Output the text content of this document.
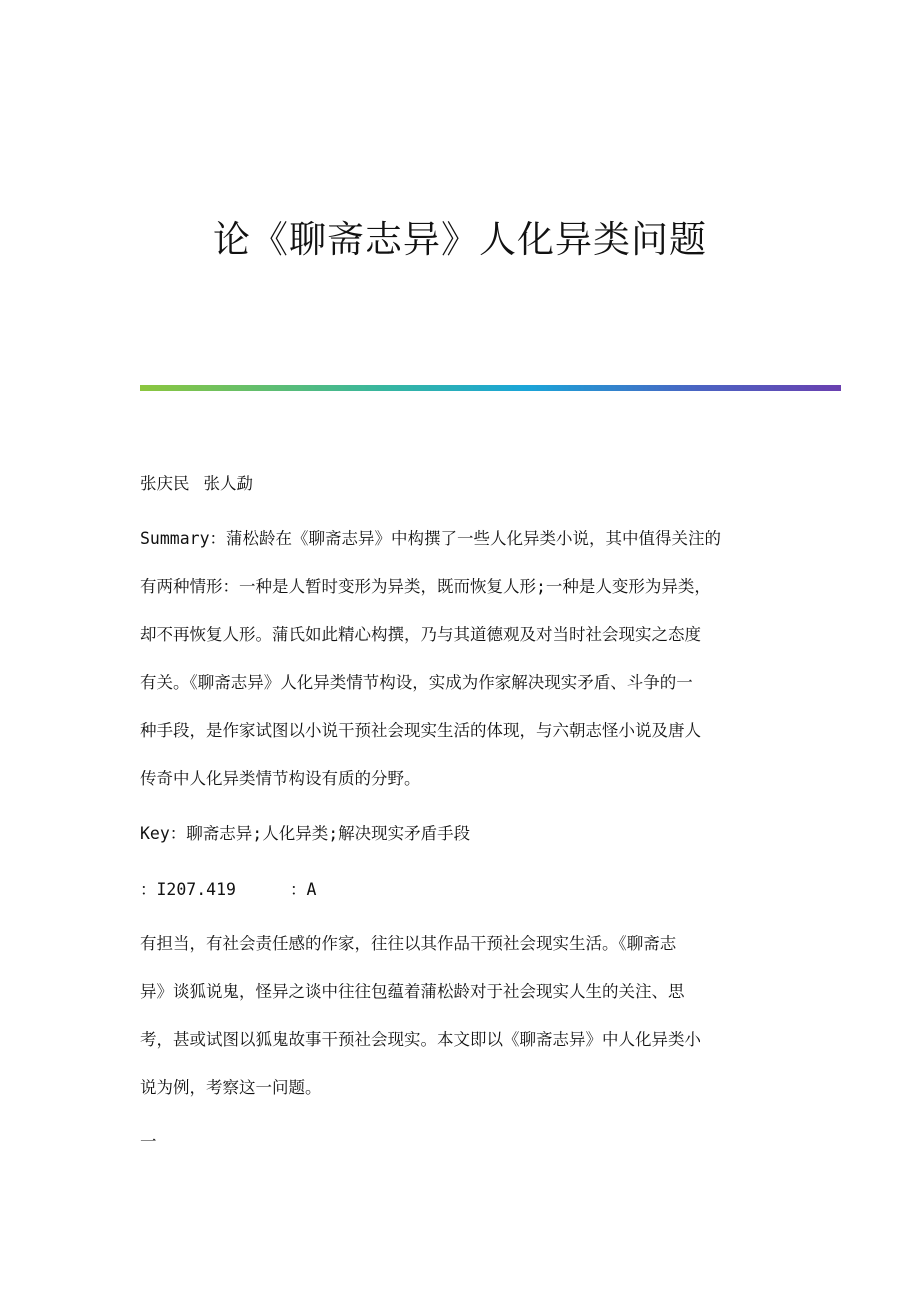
论《聊斋志异》人化异类问题
张庆民 张人勐
Summary：蒲松龄在《聊斋志异》中构撰了一些人化异类小说，其中值得关注的
有两种情形：一种是人暂时变形为异类，既而恢复人形;一种是人变形为异类，
却不再恢复人形。蒲氏如此精心构撰，乃与其道德观及对当时社会现实之态度
有关。《聊斋志异》人化异类情节构设，实成为作家解决现实矛盾、斗争的一
种手段，是作家试图以小说干预社会现实生活的体现，与六朝志怪小说及唐人
传奇中人化异类情节构设有质的分野。
Key：聊斋志异;人化异类;解决现实矛盾手段
：I207.419	：A
有担当，有社会责任感的作家，往往以其作品干预社会现实生活。《聊斋志
异》谈狐说鬼，怪异之谈中往往包蕴着蒲松龄对于社会现实人生的关注、思
考，甚或试图以狐鬼故事干预社会现实。本文即以《聊斋志异》中人化异类小
说为例，考察这一问题。
一
